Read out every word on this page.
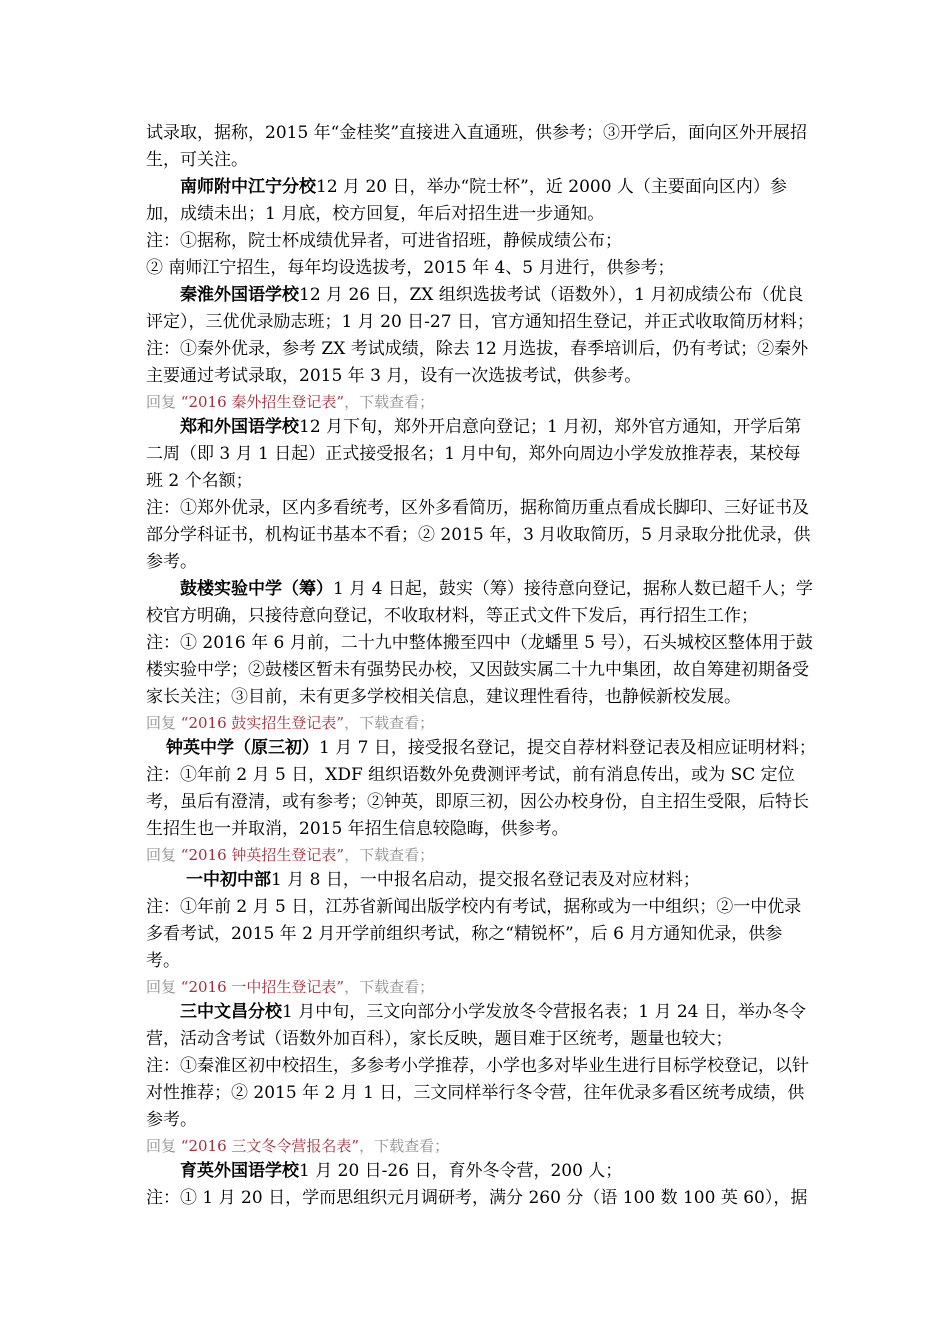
试录取，据称，2015 年“金桂奖”直接进入直通班，供参考；③开学后，面向区外开展招生，可关注。

南师附中江宁分校12 月 20 日，举办“院士杯”，近 2000 人（主要面向区内）参加，成绩未出；1 月底，校方回复，年后对招生进一步通知。

注：①据称，院士杯成绩优异者，可进省招班，静候成绩公布；

② 南师江宁招生，每年均设选拔考，2015 年 4、5 月进行，供参考；

秦淮外国语学校12 月 26 日，ZX 组织选拔考试（语数外），1 月初成绩公布（优良评定），三优优录励志班；1 月 20 日-27 日，官方通知招生登记，并正式收取简历材料；

注：①秦外优录，参考 ZX 考试成绩，除去 12 月选拔，春季培训后，仍有考试；②秦外主要通过考试录取，2015 年 3 月，设有一次选拔考试，供参考。

回复 “2016 秦外招生登记表”，下载查看；

郑和外国语学校12 月下旬，郑外开启意向登记；1 月初，郑外官方通知，开学后第二周（即 3 月 1 日起）正式接受报名；1 月中旬，郑外向周边小学发放推荐表，某校每班 2 个名额；

注：①郑外优录，区内多看统考，区外多看简历，据称简历重点看成长脚印、三好证书及部分学科证书，机构证书基本不看；② 2015 年，3 月收取简历，5 月录取分批优录，供参考。

鼓楼实验中学（筹）1 月 4 日起，鼓实（筹）接待意向登记，据称人数已超千人；学校官方明确，只接待意向登记，不收取材料，等正式文件下发后，再行招生工作；

注：① 2016 年 6 月前，二十九中整体搬至四中（龙蟠里 5 号），石头城校区整体用于鼓楼实验中学；②鼓楼区暂未有强势民办校，又因鼓实属二十九中集团，故自筹建初期备受家长关注；③目前，未有更多学校相关信息，建议理性看待，也静候新校发展。

回复 “2016 鼓实招生登记表”，下载查看；

钟英中学（原三初）1 月 7 日，接受报名登记，提交自荐材料登记表及相应证明材料；

注：①年前 2 月 5 日，XDF 组织语数外免费测评考试，前有消息传出，或为 SC 定位考，虽后有澄清，或有参考；②钟英，即原三初，因公办校身份，自主招生受限，后特长生招生也一并取消，2015 年招生信息较隐晦，供参考。

回复 “2016 钟英招生登记表”，下载查看；

一中初中部1 月 8 日，一中报名启动，提交报名登记表及对应材料；

注：①年前 2 月 5 日，江苏省新闻出版学校内有考试，据称或为一中组织；②一中优录多看考试，2015 年 2 月开学前组织考试，称之“精锐杯”，后 6 月方通知优录，供参考。

回复 “2016 一中招生登记表”，下载查看；

三中文昌分校1 月中旬，三文向部分小学发放冬令营报名表；1 月 24 日，举办冬令营，活动含考试（语数外加百科），家长反映，题目难于区统考，题量也较大；

注：①秦淮区初中校招生，多参考小学推荐，小学也多对毕业生进行目标学校登记，以针对性推荐；② 2015 年 2 月 1 日，三文同样举行冬令营，往年优录多看区统考成绩，供参考。

回复 “2016 三文冬令营报名表”，下载查看；

育英外国语学校1 月 20 日-26 日，育外冬令营，200 人；

注：① 1 月 20 日，学而思组织元月调研考，满分 260 分（语 100 数 100 英 60），据
